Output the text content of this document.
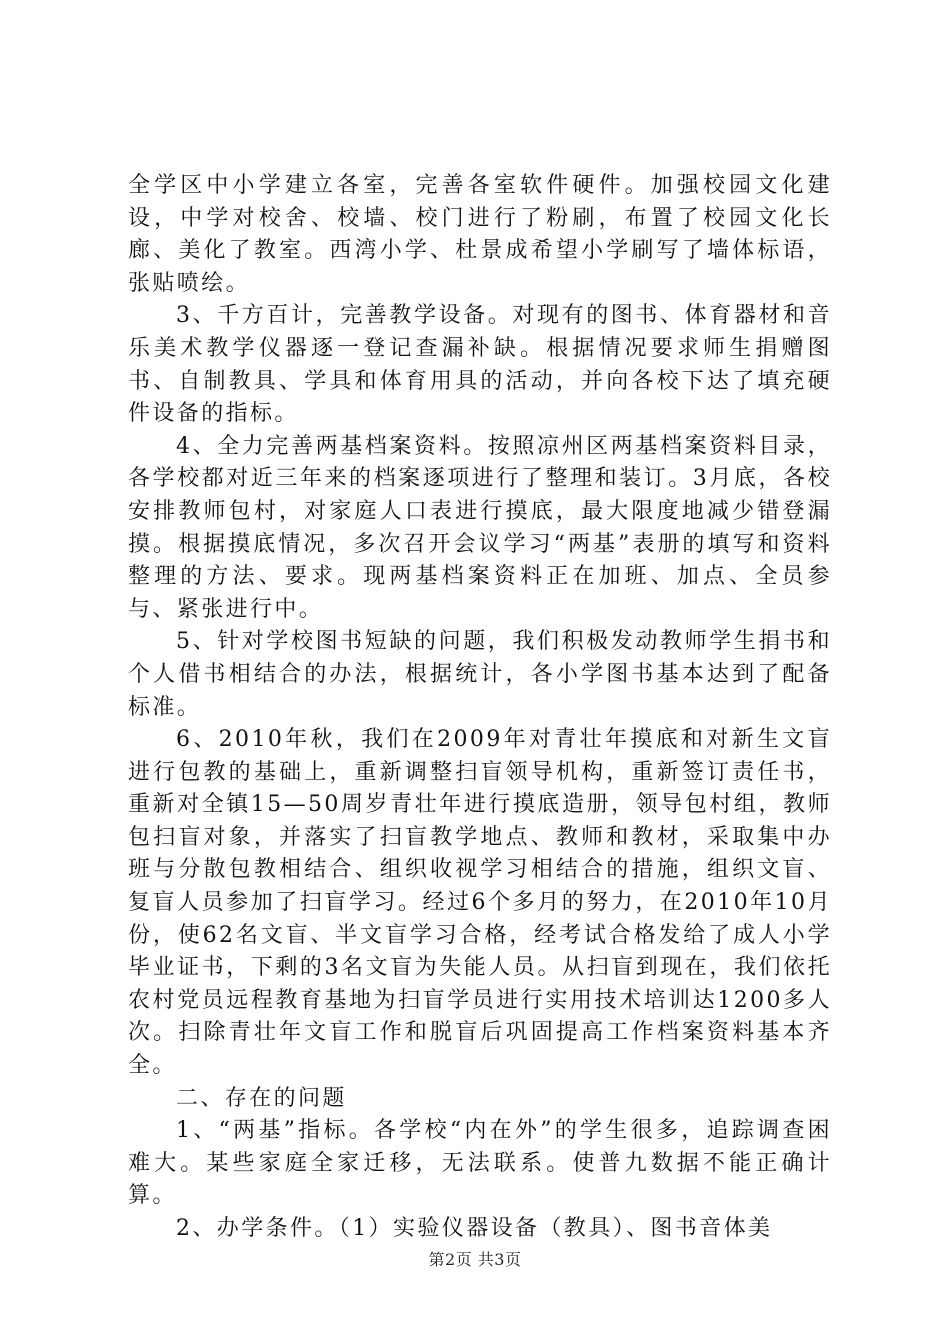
全学区中小学建立各室，完善各室软件硬件。加强校园文化建设，中学对校舍、校墙、校门进行了粉刷，布置了校园文化长廊、美化了教室。西湾小学、杜景成希望小学刷写了墙体标语，张贴喷绘。

3、千方百计，完善教学设备。对现有的图书、体育器材和音乐美术教学仪器逐一登记查漏补缺。根据情况要求师生捐赠图书、自制教具、学具和体育用具的活动，并向各校下达了填充硬件设备的指标。

4、全力完善两基档案资料。按照凉州区两基档案资料目录，各学校都对近三年来的档案逐项进行了整理和装订。3月底，各校安排教师包村，对家庭人口表进行摸底，最大限度地减少错登漏摸。根据摸底情况，多次召开会议学习“两基”表册的填写和资料整理的方法、要求。现两基档案资料正在加班、加点、全员参与、紧张进行中。

5、针对学校图书短缺的问题，我们积极发动教师学生捐书和个人借书相结合的办法，根据统计，各小学图书基本达到了配备标准。

6、2010年秋，我们在2009年对青壮年摸底和对新生文盲进行包教的基础上，重新调整扫盲领导机构，重新签订责任书，重新对全镇15—50周岁青壮年进行摸底造册，领导包村组，教师包扫盲对象，并落实了扫盲教学地点、教师和教材，采取集中办班与分散包教相结合、组织收视学习相结合的措施，组织文盲、复盲人员参加了扫盲学习。经过6个多月的努力，在2010年10月份，使62名文盲、半文盲学习合格，经考试合格发给了成人小学毕业证书，下剩的3名文盲为失能人员。从扫盲到现在，我们依托农村党员远程教育基地为扫盲学员进行实用技术培训达1200多人次。扫除青壮年文盲工作和脱盲后巩固提高工作档案资料基本齐全。

二、存在的问题

1、“两基”指标。各学校“内在外”的学生很多，追踪调查困难大。某些家庭全家迁移，无法联系。使普九数据不能正确计算。

2、办学条件。（1）实验仪器设备（教具）、图书音体美

第2页 共3页
